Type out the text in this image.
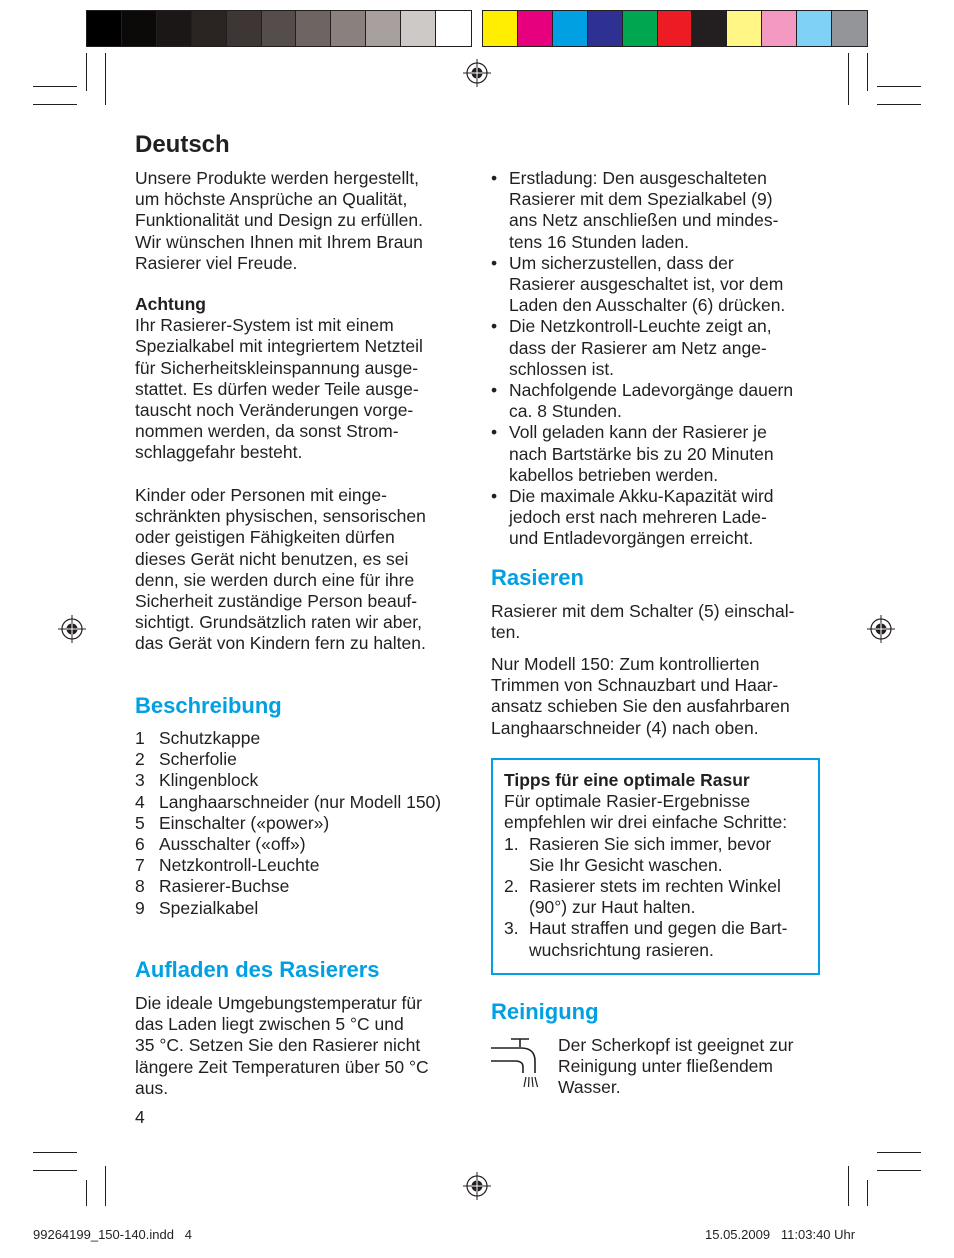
Deutsch

Unsere Produkte werden hergestellt,

um höchste Ansprüche an Qualität,

Funktionalität und Design zu erfüllen.

Wir wünschen Ihnen mit Ihrem Braun

Rasierer viel Freude.

Achtung

Ihr Rasierer-System ist mit einem

Spezialkabel mit integriertem Netzteil

für Sicherheitskleinspannung ausge-

stattet. Es dürfen weder Teile ausge-

tauscht noch Veränderungen vorge-

nommen werden, da sonst Strom-

schlaggefahr besteht.

Kinder oder Personen mit einge-

schränkten physischen, sensorischen

oder geistigen Fähigkeiten dürfen

dieses Gerät nicht benutzen, es sei

denn, sie werden durch eine für ihre

Sicherheit zuständige Person beauf-

sichtigt. Grundsätzlich raten wir aber,

das Gerät von Kindern fern zu halten.

Beschreibung
1 Schutzkappe
2 Scherfolie
3 Klingenblock
4 Langhaarschneider (nur Modell 150)
5 Einschalter («power»)
6 Ausschalter («off»)
7 Netzkontroll-Leuchte
8 Rasierer-Buchse
9 Spezialkabel
Aufladen des Rasierers

Die ideale Umgebungstemperatur für

das Laden liegt zwischen 5 °C und

35 °C. Setzen Sie den Rasierer nicht

längere Zeit Temperaturen über 50 °C

aus.

4

• Erstladung: Den ausgeschalteten

Rasierer mit dem Spezialkabel (9)

ans Netz anschließen und mindes-

tens 16 Stunden laden.

• Um sicherzustellen, dass der

Rasierer ausgeschaltet ist, vor dem

Laden den Ausschalter (6) drücken.

• Die Netzkontroll-Leuchte zeigt an,

dass der Rasierer am Netz ange-

schlossen ist.

• Nachfolgende Ladevorgänge dauern

ca. 8 Stunden.

• Voll geladen kann der Rasierer je

nach Bartstärke bis zu 20 Minuten

kabellos betrieben werden.

• Die maximale Akku-Kapazität wird

jedoch erst nach mehreren Lade-

und Entladevorgängen erreicht.

Rasieren

Rasierer mit dem Schalter (5) einschal-

ten.

Nur Modell 150: Zum kontrollierten

Trimmen von Schnauzbart und Haar-

ansatz schieben Sie den ausfahrbaren

Langhaarschneider (4) nach oben.

Tipps für eine optimale Rasur

Für optimale Rasier-Ergebnisse

empfehlen wir drei einfache Schritte:

1. Rasieren Sie sich immer, bevor

Sie Ihr Gesicht waschen.

2. Rasierer stets im rechten Winkel

(90°) zur Haut halten.

3. Haut straffen und gegen die Bart-

wuchsrichtung rasieren.

Reinigung

Der Scherkopf ist geeignet zur

Reinigung unter fließendem

Wasser.

99264199_150-140.indd   4	15.05.2009   11:03:40 Uhr
